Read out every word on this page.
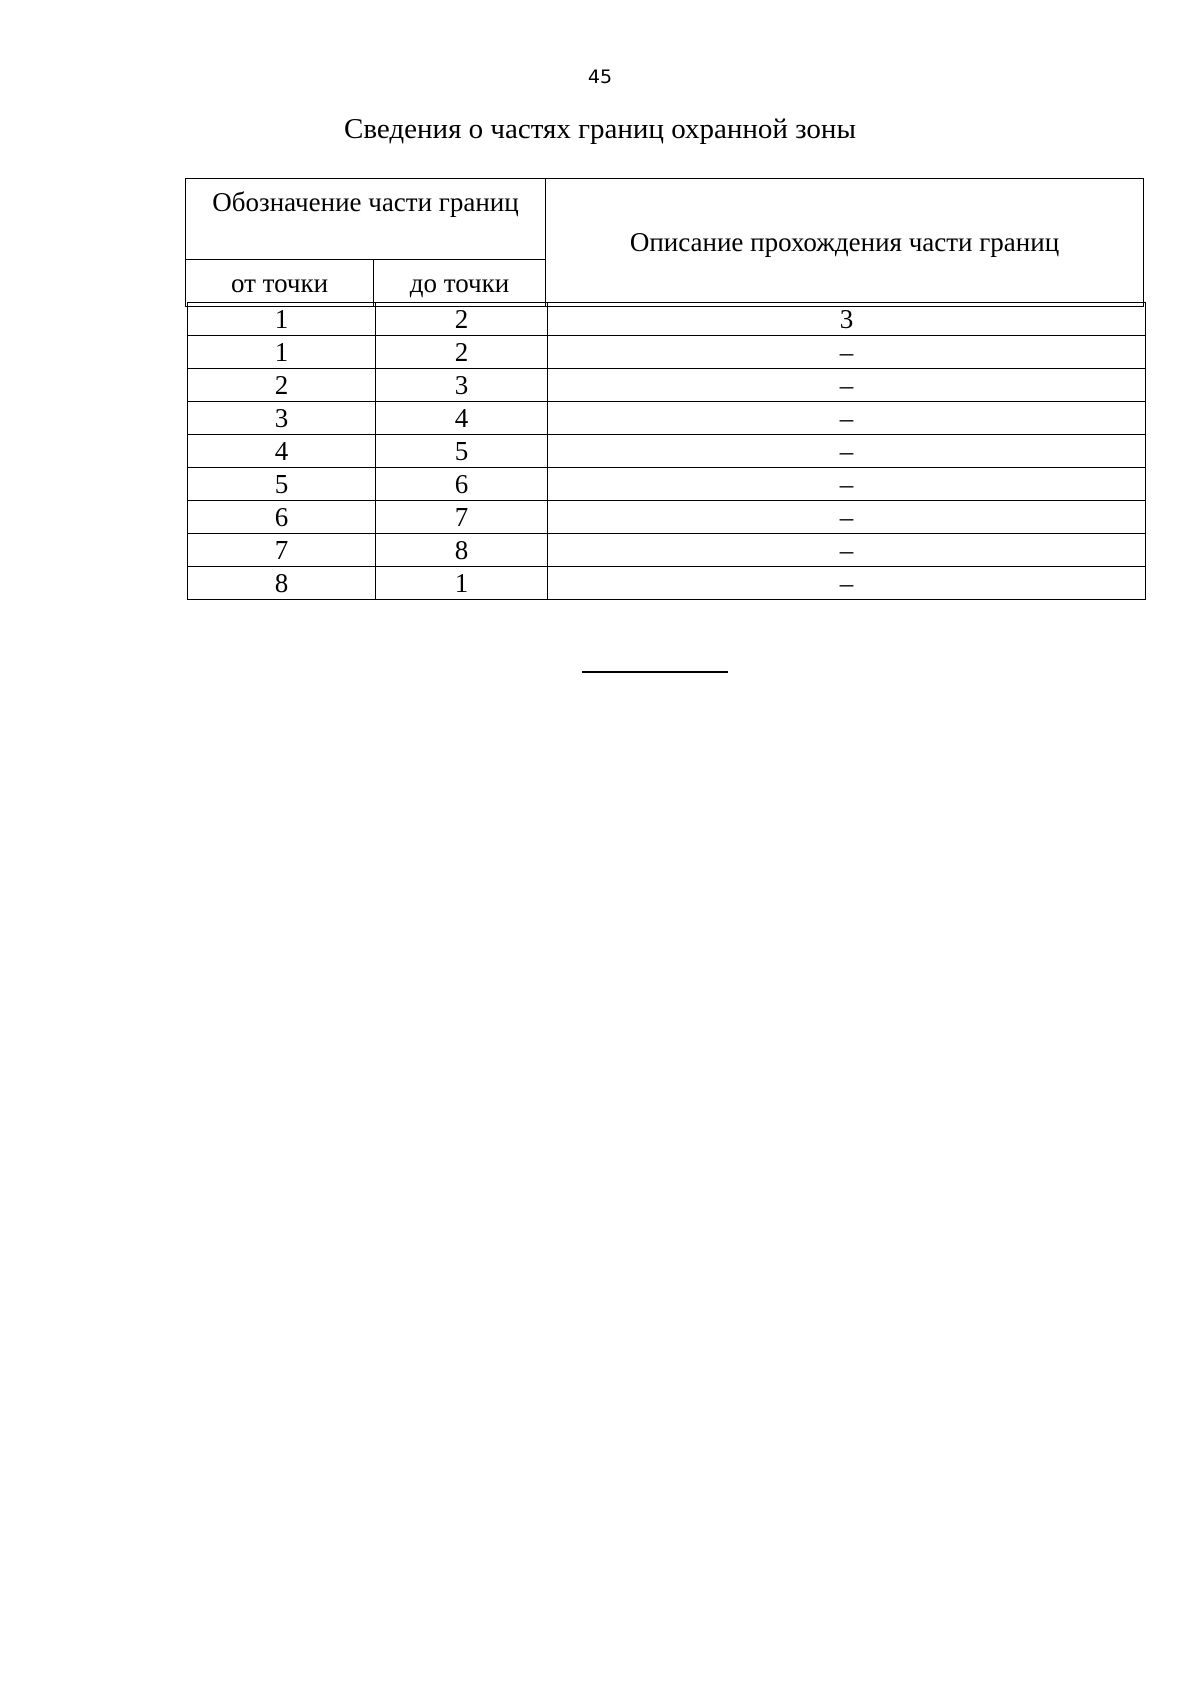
45
Сведения о частях границ охранной зоны
Обозначение части границ		Описание прохождения части границ
от точки	до точки	
1	2	3
1	2	–
2	3	–
3	4	–
4	5	–
5	6	–
6	7	–
7	8	–
8	1	–
